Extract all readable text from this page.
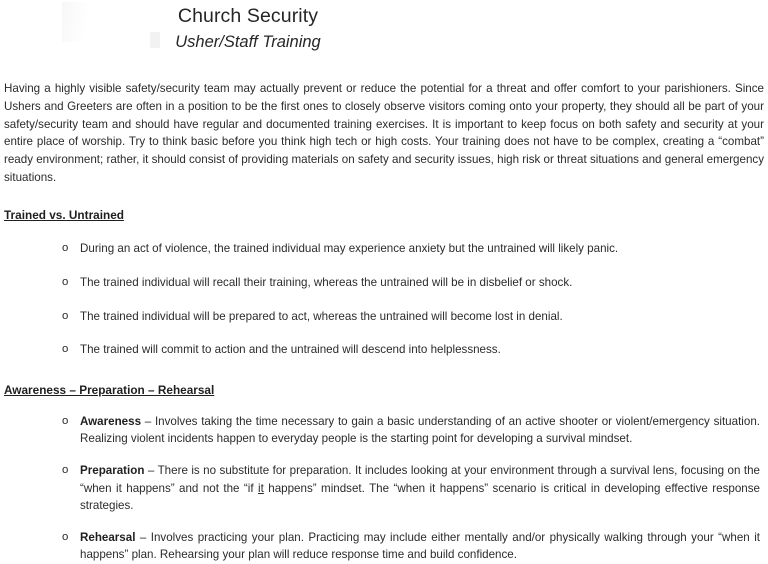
Church Security
Usher/Staff Training

Having a highly visible safety/security team may actually prevent or reduce the potential for a threat and offer comfort to your parishioners. Since Ushers and Greeters are often in a position to be the first ones to closely observe visitors coming onto your property, they should all be part of your safety/security team and should have regular and documented training exercises. It is important to keep focus on both safety and security at your entire place of worship. Try to think basic before you think high tech or high costs. Your training does not have to be complex, creating a “combat” ready environment; rather, it should consist of providing materials on safety and security issues, high risk or threat situations and general emergency situations.

Trained vs. Untrained
o During an act of violence, the trained individual may experience anxiety but the untrained will likely panic.
o The trained individual will recall their training, whereas the untrained will be in disbelief or shock.
o The trained individual will be prepared to act, whereas the untrained will become lost in denial.
o The trained will commit to action and the untrained will descend into helplessness.
Awareness – Preparation – Rehearsal
o Awareness – Involves taking the time necessary to gain a basic understanding of an active shooter or violent/emergency situation. Realizing violent incidents happen to everyday people is the starting point for developing a survival mindset.
o Preparation – There is no substitute for preparation. It includes looking at your environment through a survival lens, focusing on the “when it happens” and not the “if it happens” mindset. The “when it happens” scenario is critical in developing effective response strategies.
o Rehearsal – Involves practicing your plan. Practicing may include either mentally and/or physically walking through your “when it happens” plan. Rehearsing your plan will reduce response time and build confidence.
